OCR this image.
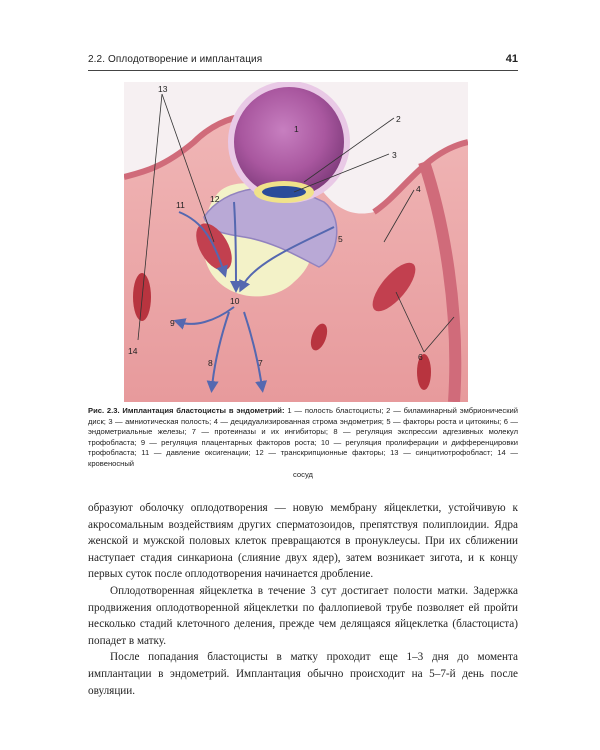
2.2. Оплодотворение и имплантация	41
13
2
1
3
4
12
11
5
10
9
14
8	7
6
Рис. 2.3. Имплантация бластоцисты в эндометрий: 1 — полость бластоцисты; 2 — биламинарный эмбрионический диск; 3 — амниотическая полость; 4 — децидуализированная строма эндометрия; 5 — факторы роста и цитокины; 6 — эндометриальные железы; 7 — протеиназы и их ингибиторы; 8 — регуляция экспрессии адгезивных молекул трофобласта; 9 — регуляция плацентарных факторов роста; 10 — регуляция пролиферации и дифференцировки трофобласта; 11 — давление оксигенации; 12 — транскрипционные факторы; 13 — синцитиотрофобласт; 14 — кровеносный
сосуд

образуют оболочку оплодотворения — новую мембрану яйцеклетки, устойчивую к акросомальным воздействиям других сперматозоидов, препятствуя полиплоидии. Ядра женской и мужской половых клеток превращаются в пронуклеусы. При их сближении наступает стадия синкариона (слияние двух ядер), затем возникает зигота, и к концу первых суток после оплодотворения начинается дробление.

Оплодотворенная яйцеклетка в течение 3 сут достигает полости матки. Задержка продвижения оплодотворенной яйцеклетки по фаллопиевой трубе позволяет ей пройти несколько стадий клеточного деления, прежде чем делящаяся яйцеклетка (бластоциста) попадет в матку.

После попадания бластоцисты в матку проходит еще 1–3 дня до момента имплантации в эндометрий. Имплантация обычно происходит на 5–7-й день после овуляции.
